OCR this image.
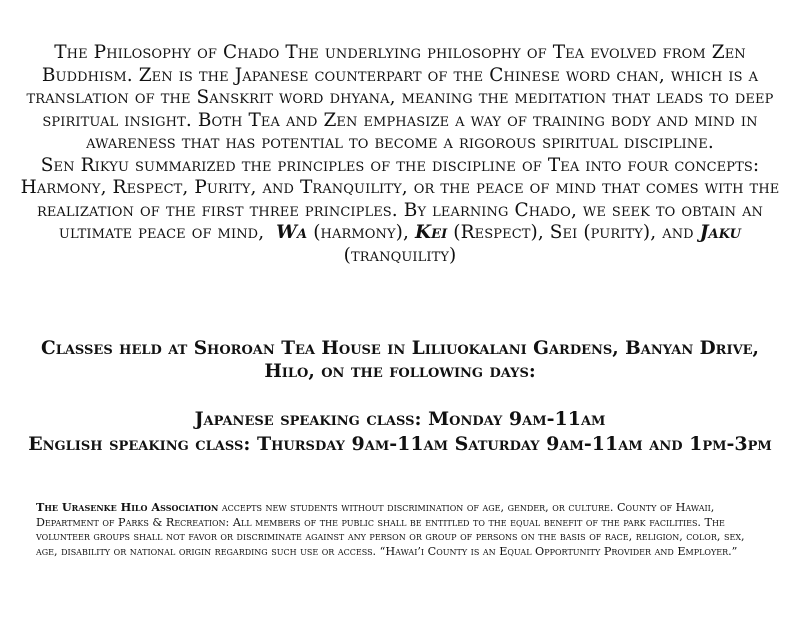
The Philosophy of Chado The underlying philosophy of Tea evolved from Zen Buddhism. Zen is the Japanese counterpart of the Chinese word chan, which is a translation of the Sanskrit word dhyana, meaning the meditation that leads to deep spiritual insight. Both Tea and Zen emphasize a way of training body and mind in awareness that has potential to become a rigorous spiritual discipline.

Sen Rikyu summarized the principles of the discipline of Tea into four concepts: Harmony, Respect, Purity, and Tranquility, or the peace of mind that comes with the realization of the first three principles. By learning Chado, we seek to obtain an ultimate peace of mind, Wa (harmony), Kei (Respect), Sei (purity), and Jaku (tranquility)

Classes held at Shoroan Tea House in Liliuokalani Gardens, Banyan Drive, Hilo, on the following days:

Japanese speaking class: Monday 9am-11am

English speaking class: Thursday 9am-11am Saturday 9am-11am and 1pm-3pm

The Urasenke Hilo Association accepts new students without discrimination of age, gender, or culture. County of Hawaii, Department of Parks & Recreation: All members of the public shall be entitled to the equal benefit of the park facilities. The volunteer groups shall not favor or discriminate against any person or group of persons on the basis of race, religion, color, sex, age, disability or national origin regarding such use or access. “Hawai’i County is an Equal Opportunity Provider and Employer.”
